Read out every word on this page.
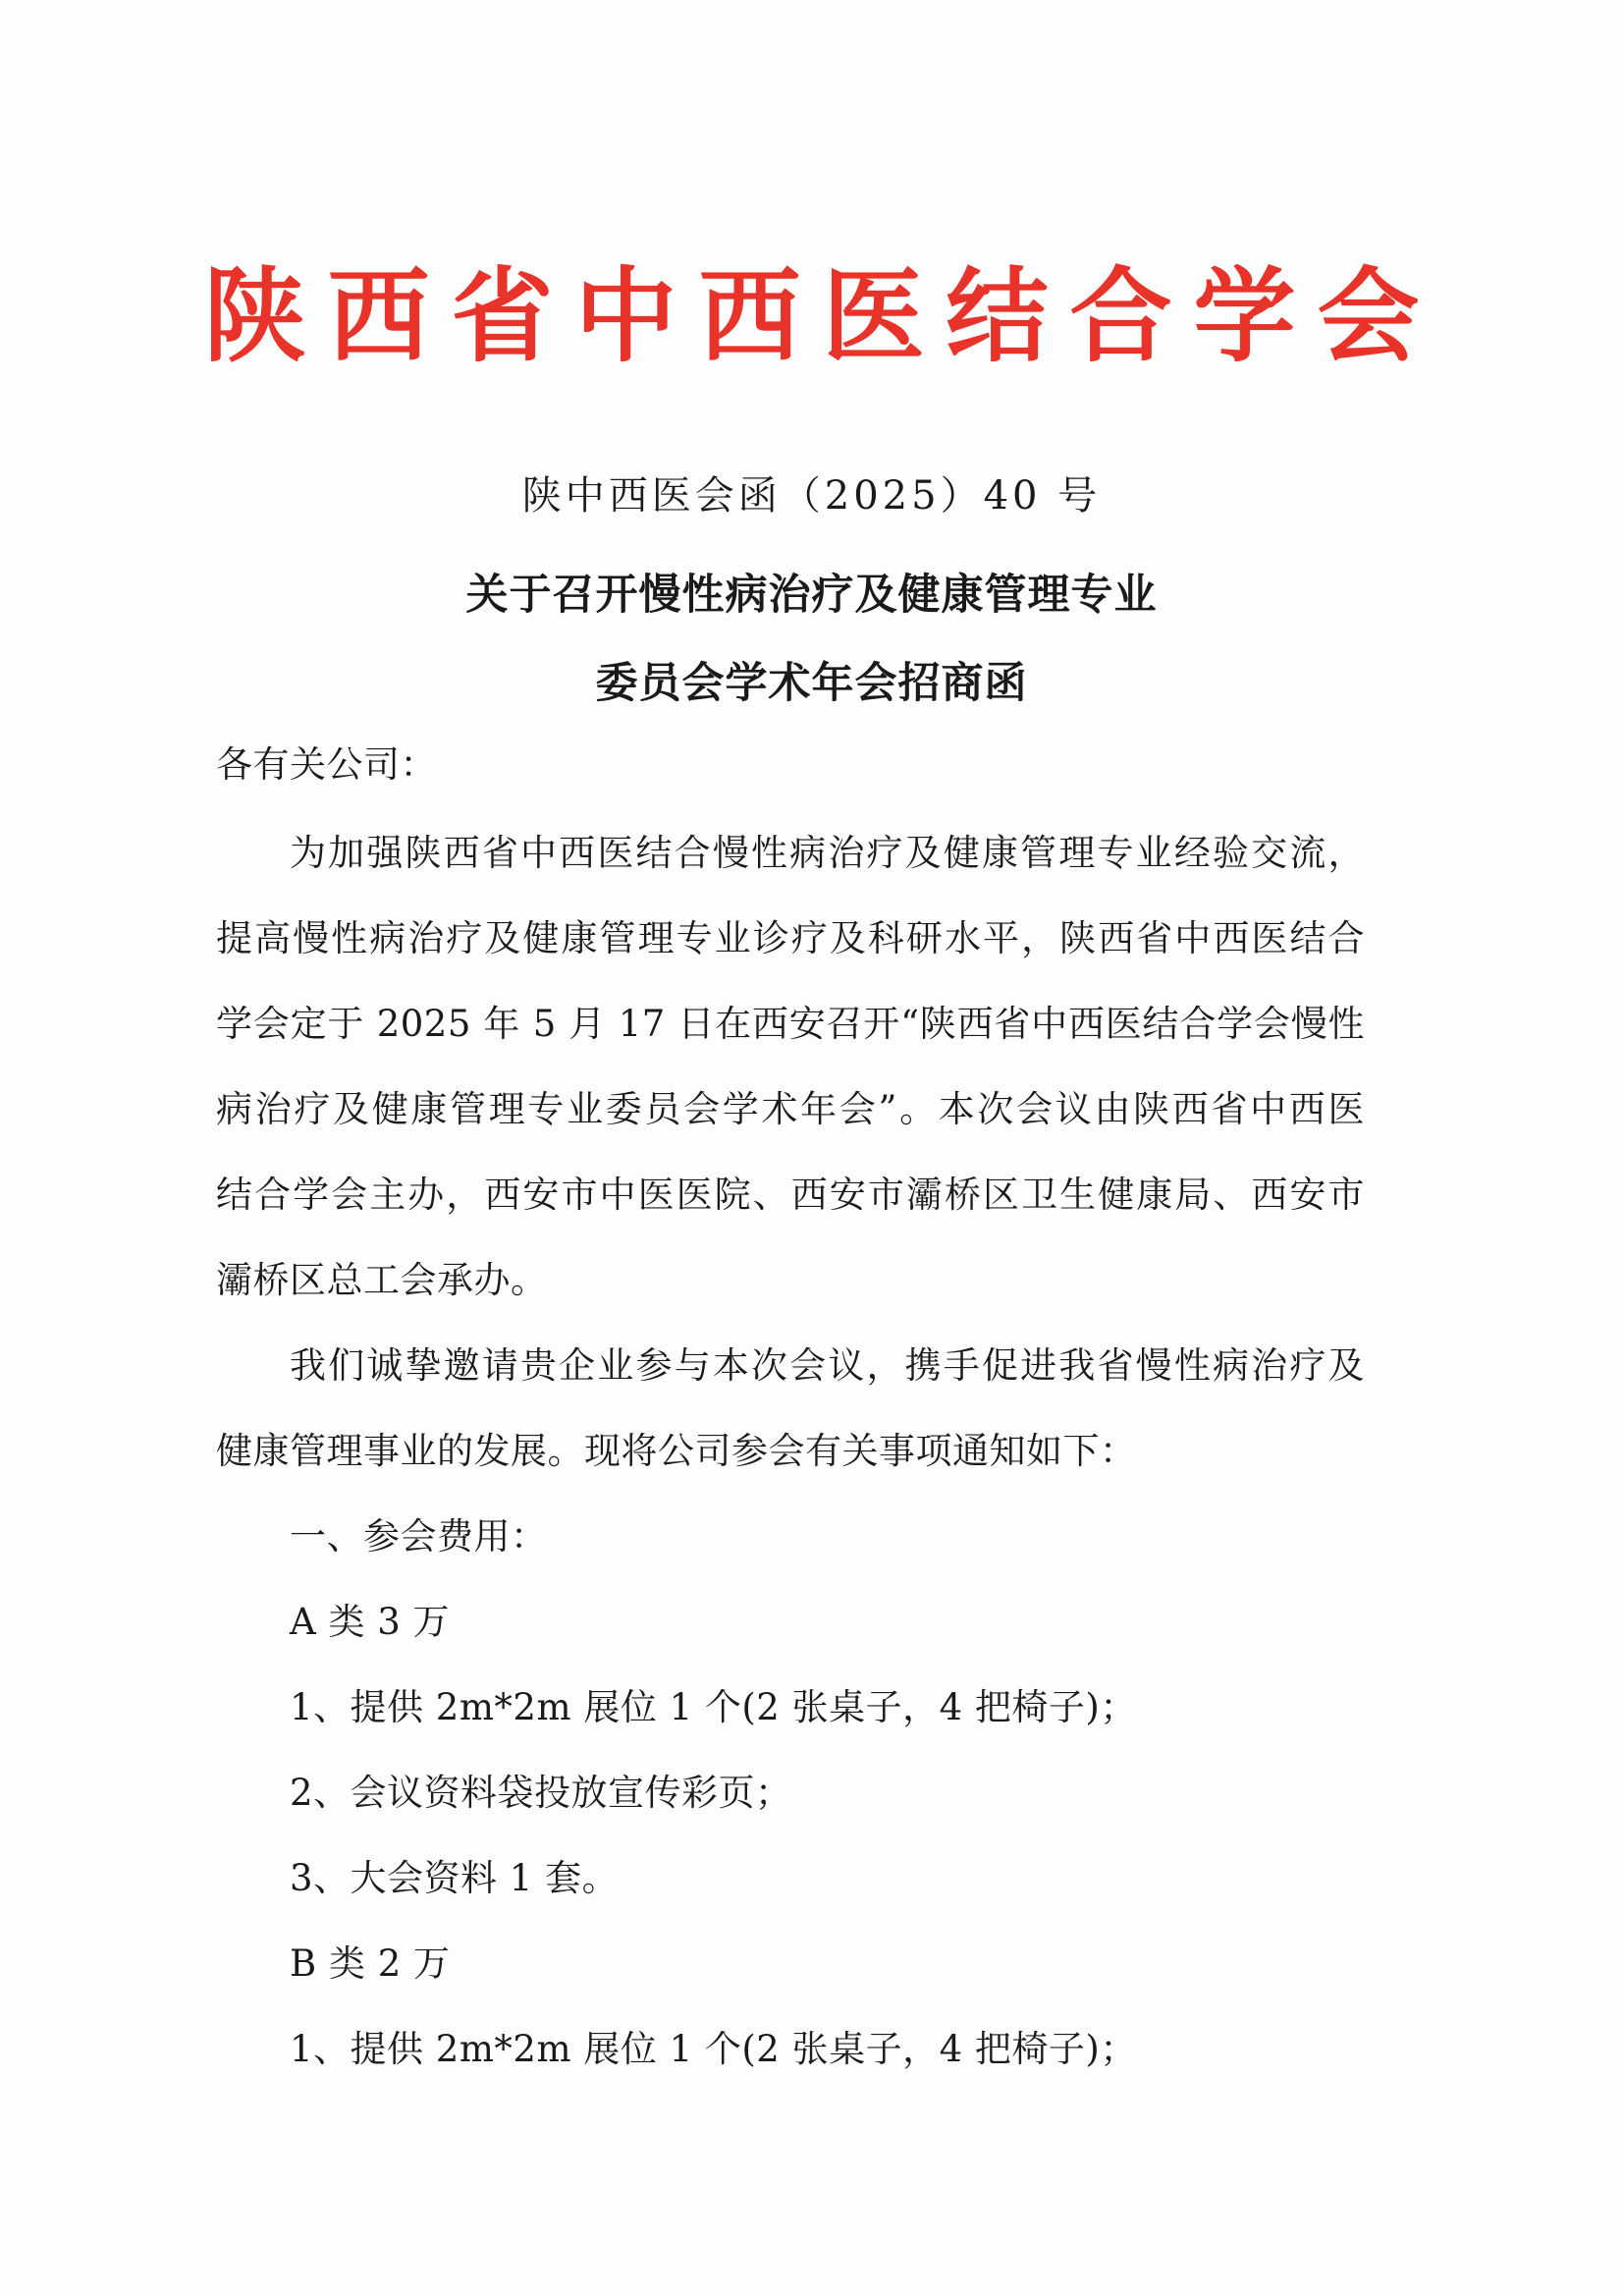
陕西省中西医结合学会
陕中西医会函（2025）40 号
关于召开慢性病治疗及健康管理专业
委员会学术年会招商函
各有关公司：
为加强陕西省中西医结合慢性病治疗及健康管理专业经验交流，
提高慢性病治疗及健康管理专业诊疗及科研水平，陕西省中西医结合
学会定于 2025 年 5 月 17 日在西安召开“陕西省中西医结合学会慢性
病治疗及健康管理专业委员会学术年会”。本次会议由陕西省中西医
结合学会主办，西安市中医医院、西安市灞桥区卫生健康局、西安市
灞桥区总工会承办。
我们诚挚邀请贵企业参与本次会议，携手促进我省慢性病治疗及
健康管理事业的发展。现将公司参会有关事项通知如下：
一、参会费用：
A 类 3 万
1、提供 2m*2m 展位 1 个(2 张桌子，4 把椅子)；
2、会议资料袋投放宣传彩页；
3、大会资料 1 套。
B 类 2 万
1、提供 2m*2m 展位 1 个(2 张桌子，4 把椅子)；
